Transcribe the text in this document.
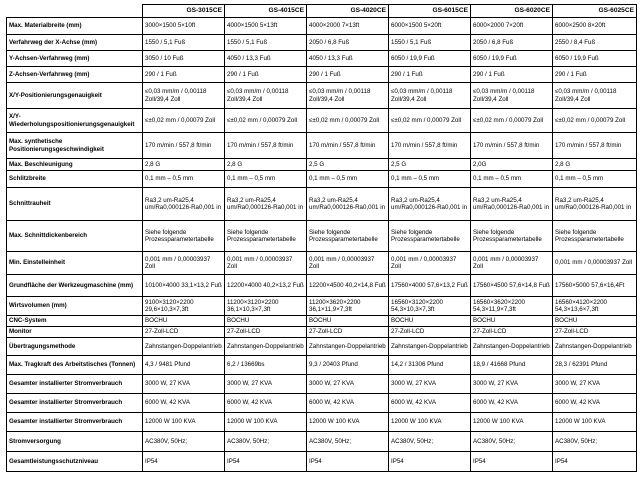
	GS-3015CE	GS-4015CE	GS-4020CE	GS-6015CE	GS-6020CE	GS-6025CE
Max. Materialbreite (mm)	3000×1500 5×10ft	4000×1500 5×13ft	4000×2000 7×13ft	6000×1500 5×20ft	6000×2000 7×20ft	6000×2500 8×20ft
Verfahrweg der X-Achse (mm)	1550 / 5,1 Fuß	1550 / 5,1 Fuß	2050 / 6,8 Fuß	1550 / 5,1 Fuß	2050 / 6,8 Fuß	2550 / 8,4 Fuß
Y-Achsen-Verfahrweg (mm)	3050 / 10 Fuß	4050 / 13,3 Fuß	4050 / 13,3 Fuß	6050 / 19,9 Fuß	6050 / 19,9 Fuß	6050 / 19,9 Fuß
Z-Achsen-Verfahrweg (mm)	290 / 1 Fuß	290 / 1 Fuß	290 / 1 Fuß	290 / 1 Fuß	290 / 1 Fuß	290 / 1 Fuß
X/Y-Positionierungsgenauigkeit	≤0,03 mm/m / 0,00118 Zoll/39,4 Zoll	≤0,03 mm/m / 0,00118 Zoll/39,4 Zoll	≤0,03 mm/m / 0,00118 Zoll/39,4 Zoll	≤0,03 mm/m / 0,00118 Zoll/39,4 Zoll	≤0,03 mm/m / 0,00118 Zoll/39,4 Zoll	≤0,03 mm/m / 0,00118 Zoll/39,4 Zoll
X/Y-Wiederholungspositionierungsgenauigkeit	≤±0,02 mm / 0,00079 Zoll	≤±0,02 mm / 0,00079 Zoll	≤±0,02 mm / 0,00079 Zoll	≤±0,02 mm / 0,00079 Zoll	≤±0,02 mm / 0,00079 Zoll	≤±0,02 mm / 0,00079 Zoll
Max. synthetische Positionierungsgeschwindigkeit	170 m/min / 557,8 ft/min	170 m/min / 557,8 ft/min	170 m/min / 557,8 ft/min	170 m/min / 557,8 ft/min	170 m/min / 557,8 ft/min	170 m/min / 557,8 ft/min
Max. Beschleunigung	2,8 G	2,8 G	2,5 G	2,5 G	2,0G	2,8 G
Schlitzbreite	0,1 mm – 0,5 mm	0,1 mm – 0,5 mm	0,1 mm – 0,5 mm	0,1 mm – 0,5 mm	0,1 mm – 0,5 mm	0,1 mm – 0,5 mm
Schnittrauheit	Ra3,2 um-Ra25,4 um/Ra0,000126-Ra0,001 in	Ra3,2 um-Ra25,4 um/Ra0,000126-Ra0,001 in	Ra3,2 um-Ra25,4 um/Ra0,000126-Ra0,001 in	Ra3,2 um-Ra25,4 um/Ra0,000126-Ra0,001 in	Ra3,2 um-Ra25,4 um/Ra0,000126-Ra0,001 in	Ra3,2 um-Ra25,4 um/Ra0,000126-Ra0,001 in
Max. Schnittdickenbereich	Siehe folgende Prozessparametertabelle	Siehe folgende Prozessparametertabelle	Siehe folgende Prozessparametertabelle	Siehe folgende Prozessparametertabelle	Siehe folgende Prozessparametertabelle	Siehe folgende Prozessparametertabelle
Min. Einstelleinheit	0,001 mm / 0,00003937 Zoll	0,001 mm / 0,00003937 Zoll	0,001 mm / 0,00003937 Zoll	0,001 mm / 0,00003937 Zoll	0,001 mm / 0,00003937 Zoll	0,001 mm / 0,00003937 Zoll
Grundfläche der Werkzeugmaschine (mm)	10100×4000 33,1×13,2 Fuß	12200×4000 40,2×13,2 Fuß	12200×4500 40,2×14,8 Fuß	17560×4000 57,6×13,2 Fuß	17560×4500 57,6×14,8 Fuß	17560×5000 57,6×16,4Ft
Wirtsvolumen (mm)	9100×3120×2200 29,6×10,3×7,3ft	11200×3120×2200 36,1×10,3×7,3ft	11200×3620×2200 36,1×11,9×7,3ft	16560×3120×2200 54,3×10,3×7,3ft	16560×3620×2200 54,3×11,9×7,3ft	16560×4120×2200 54,3×13,6×7,3ft
CNC-System	BOCHU	BOCHU	BOCHU	BOCHU	BOCHU	BOCHU
Monitor	27-Zoll-LCD	27-Zoll-LCD	27-Zoll-LCD	27-Zoll-LCD	27-Zoll-LCD	27-Zoll-LCD
Übertragungsmethode	Zahnstangen-Doppelantrieb	Zahnstangen-Doppelantrieb	Zahnstangen-Doppelantrieb	Zahnstangen-Doppelantrieb	Zahnstangen-Doppelantrieb	Zahnstangen-Doppelantrieb
Max. Tragkraft des Arbeitstisches (Tonnen)	4,3 / 9481 Pfund	6,2 / 13669bs	9,3 / 20403 Pfund	14,2 / 31306 Pfund	18,9 / 41668 Pfund	28,3 / 62391 Pfund
Gesamter installierter Stromverbrauch	3000 W, 27 KVA	3000 W, 27 KVA	3000 W, 27 KVA	3000 W, 27 KVA	3000 W, 27 KVA	3000 W, 27 KVA
Gesamter installierter Stromverbrauch	6000 W, 42 KVA	6000 W, 42 KVA	6000 W, 42 KVA	6000 W, 42 KVA	6000 W, 42 KVA	6000 W, 42 KVA
Gesamter installierter Stromverbrauch	12000 W 100 KVA	12000 W 100 KVA	12000 W 100 KVA	12000 W 100 KVA	12000 W 100 KVA	12000 W 100 KVA
Stromversorgung	AC380V, 50Hz;	AC380V, 50Hz;	AC380V, 50Hz;	AC380V, 50Hz;	AC380V, 50Hz;	AC380V, 50Hz;
Gesamtleistungsschutzniveau	IP54	IP54	IP54	IP54	IP54	IP54
